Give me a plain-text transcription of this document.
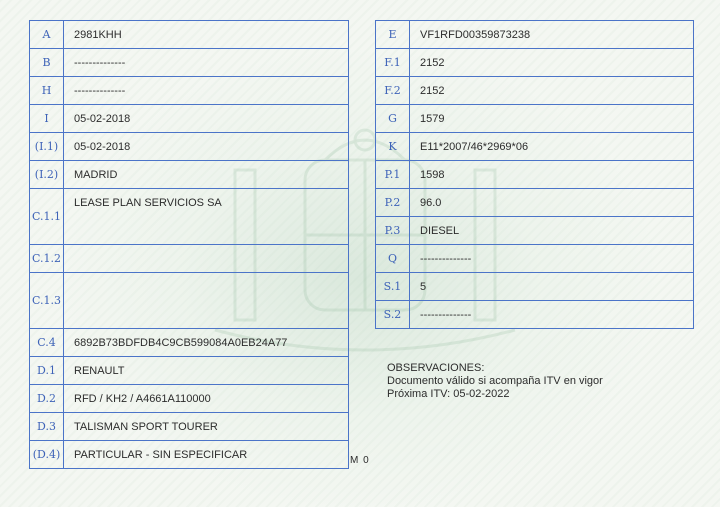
A	2981KHH
B	--------------
H	--------------
I	05-02-2018
(I.1)	05-02-2018
(I.2)	MADRID
C.1.1	LEASE PLAN SERVICIOS SA
C.1.2	
C.1.3	
C.4	6892B73BDFDB4C9CB599084A0EB24A77
D.1	RENAULT
D.2	RFD / KH2 / A4661A110000
D.3	TALISMAN SPORT TOURER
(D.4)	PARTICULAR - SIN ESPECIFICAR
E	VF1RFD00359873238
F.1	2152
F.2	2152
G	1579
K	E11*2007/46*2969*06
P.1	1598
P.2	96.0
P.3	DIESEL
Q	--------------
S.1	5
S.2	--------------
OBSERVACIONES:
Documento válido si acompaña ITV en vigor
Próxima ITV: 05-02-2022
M 0
